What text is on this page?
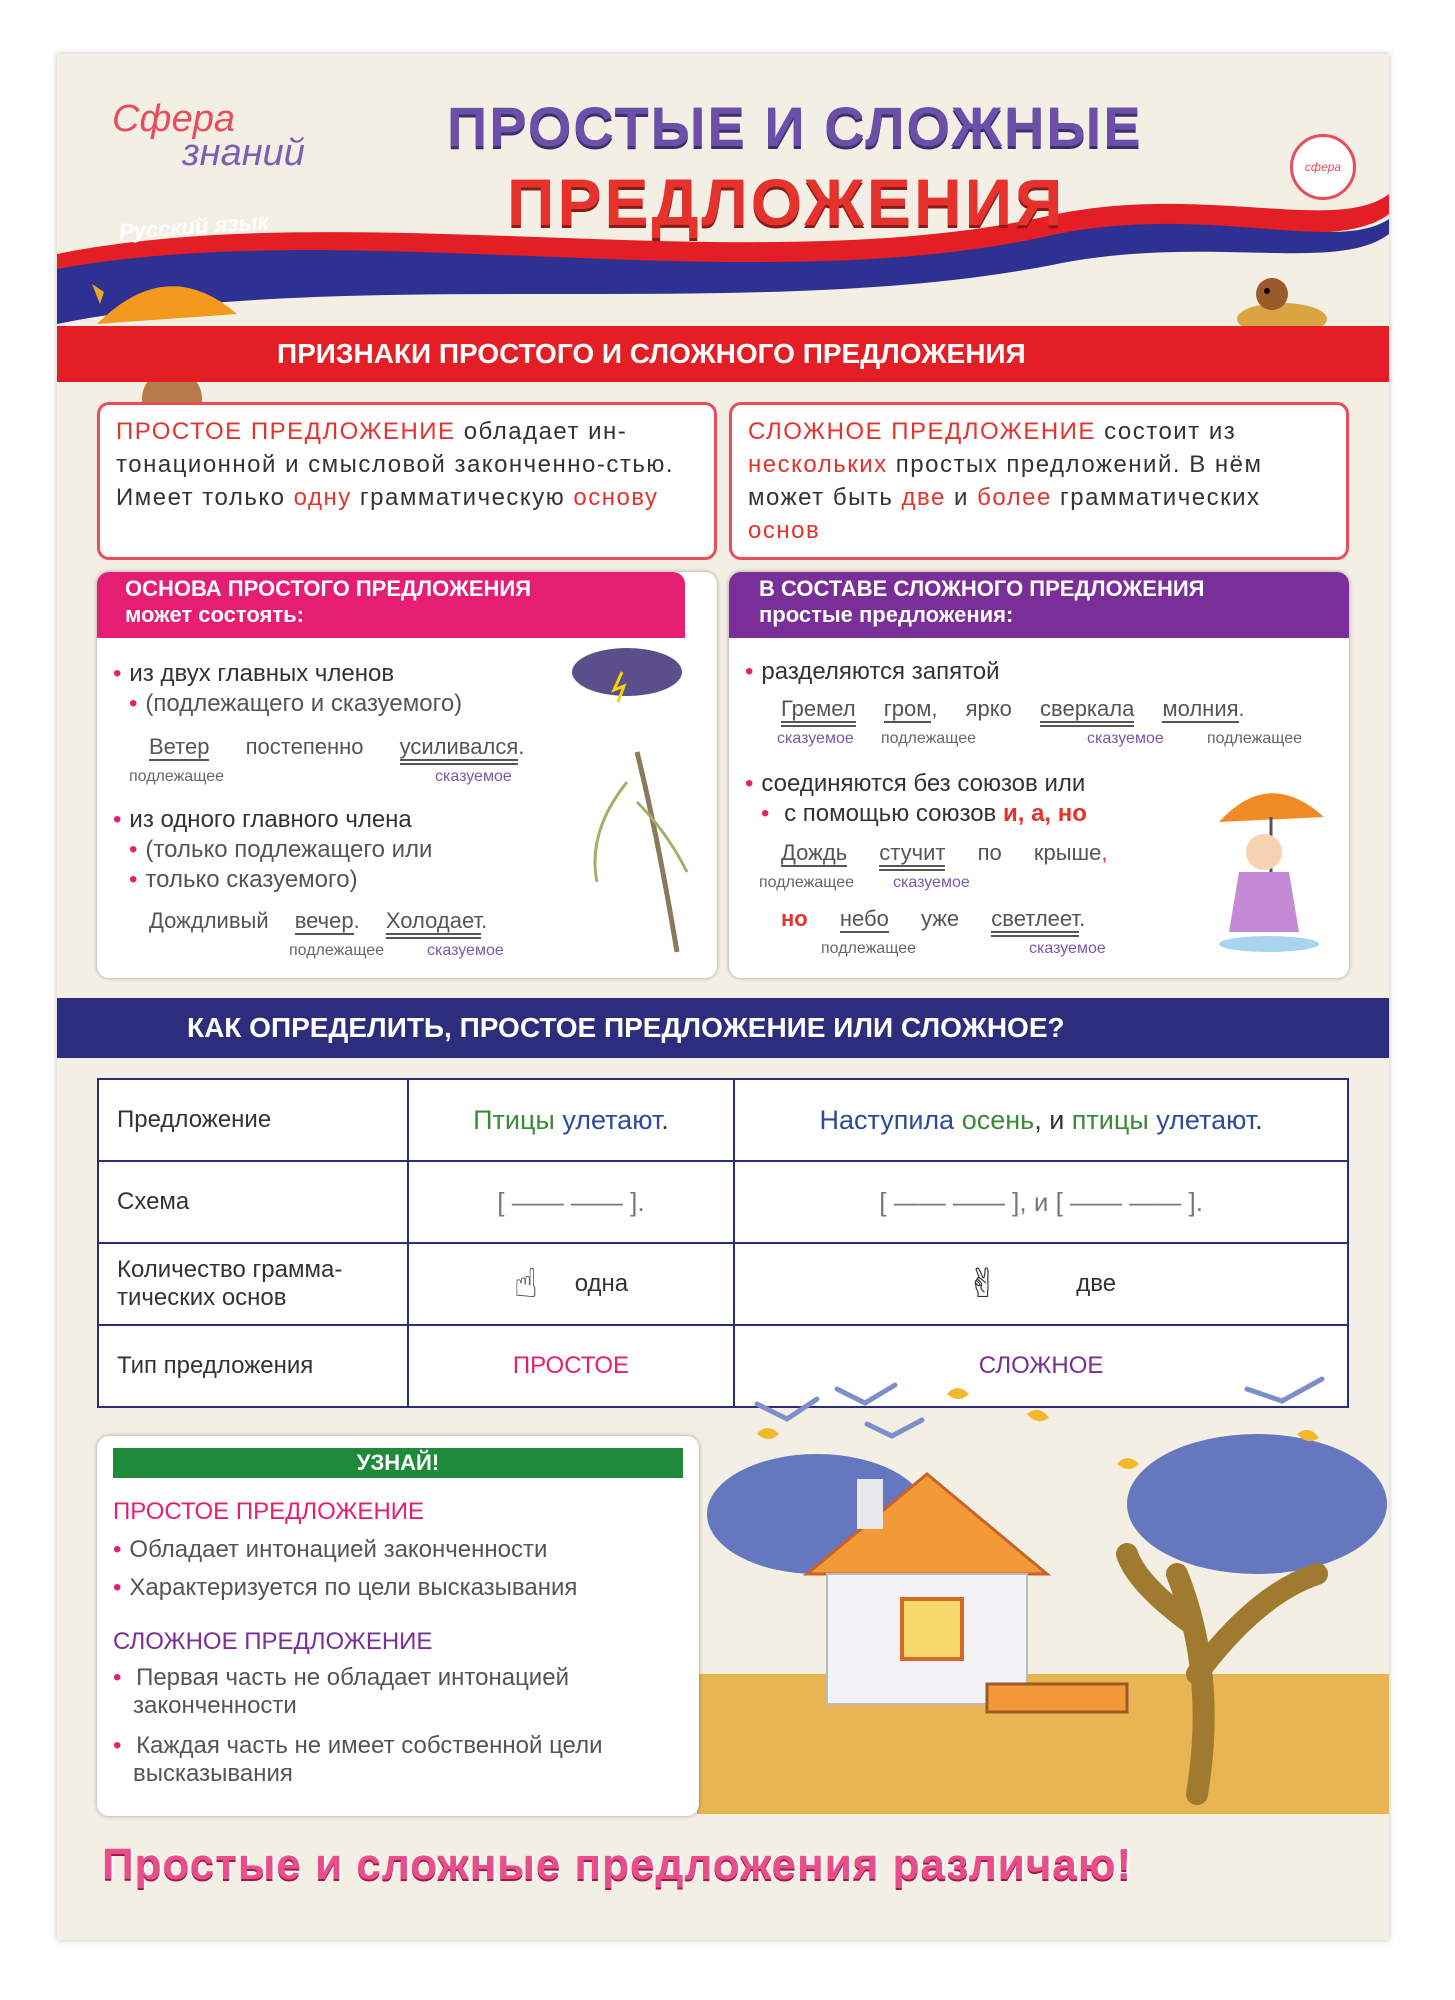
Сфера
знаний
Русский язык
ПРОСТЫЕ И СЛОЖНЫЕ
ПРЕДЛОЖЕНИЯ	сфера
ПРИЗНАКИ ПРОСТОГО И СЛОЖНОГО ПРЕДЛОЖЕНИЯ
ПРОСТОЕ ПРЕДЛОЖЕНИЕ обладает ин-тонационной и смысловой законченно-стью. Имеет только одну грамматическую основу
СЛОЖНОЕ ПРЕДЛОЖЕНИЕ состоит из нескольких простых предложений. В нём может быть две и более грамматических основ
ОСНОВА ПРОСТОГО ПРЕДЛОЖЕНИЯ
может состоять:
• из двух главных членов
• (подлежащего и сказуемого)
Ветер постепенно усиливался.
подлежащее	сказуемое
• из одного главного члена
• (только подлежащего или
• только сказуемого)
Дождливый вечер. Холодает.
подлежащее	сказуемое
В СОСТАВЕ СЛОЖНОГО ПРЕДЛОЖЕНИЯ
простые предложения:
• разделяются запятой
Гремел гром, ярко сверкала молния.
сказуемое подлежащее	сказуемое	подлежащее
• соединяются без союзов или
• с помощью союзов и, а, но
Дождь стучит по крыше,
подлежащее сказуемое
но небо уже светлеет.
подлежащее	сказуемое
КАК ОПРЕДЕЛИТЬ, ПРОСТОЕ ПРЕДЛОЖЕНИЕ ИЛИ СЛОЖНОЕ?
Предложение	Птицы улетают.	Наступила осень, и птицы улетают.
Схема	[ —— —— ].	[ —— —— ], и [ —— —— ].

Количество грамма-
тических основ	☝ одна	✌ две
Тип предложения	ПРОСТОЕ	СЛОЖНОЕ
УЗНАЙ!
ПРОСТОЕ ПРЕДЛОЖЕНИЕ
• Обладает интонацией законченности
• Характеризуется по цели высказывания
СЛОЖНОЕ ПРЕДЛОЖЕНИЕ
• Первая часть не обладает интонацией
законченности
• Каждая часть не имеет собственной цели
высказывания
Простые и сложные предложения различаю!
